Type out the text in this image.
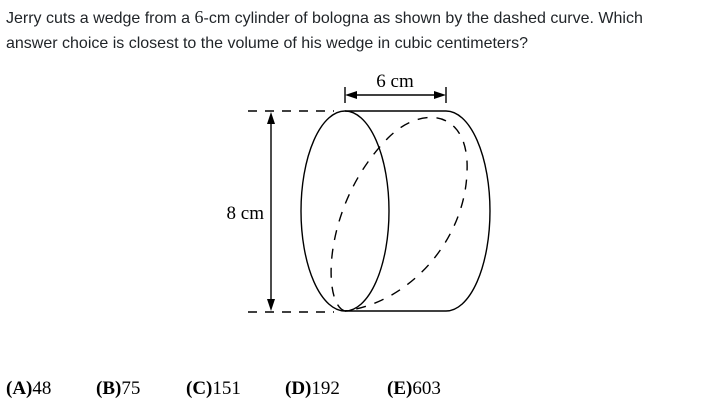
Jerry cuts a wedge from a 6-cm cylinder of bologna as shown by the dashed curve. Which answer choice is closest to the volume of his wedge in cubic centimeters?

6 cm
8 cm
(A)48 (B)75 (C)151 (D)192 (E)603
